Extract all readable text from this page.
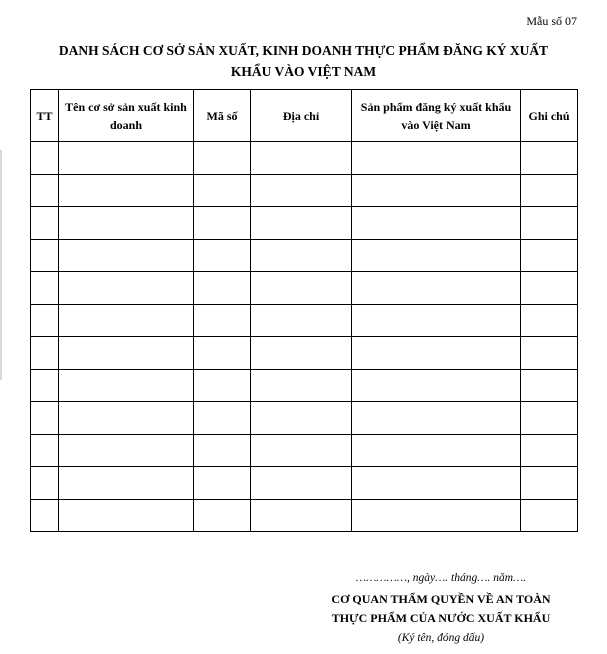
Mẫu số 07
DANH SÁCH CƠ SỞ SẢN XUẤT, KINH DOANH THỰC PHẨM ĐĂNG KÝ XUẤT
KHẨU VÀO VIỆT NAM
TT	Tên cơ sở sản xuất kinh doanh	Mã số	Địa chỉ	Sản phẩm đăng ký xuất khẩu vào Việt Nam	Ghi chú

……………, ngày…. tháng…. năm….
CƠ QUAN THẨM QUYỀN VỀ AN TOÀN
THỰC PHẨM CỦA NƯỚC XUẤT KHẨU
(Ký tên, đóng dấu)
